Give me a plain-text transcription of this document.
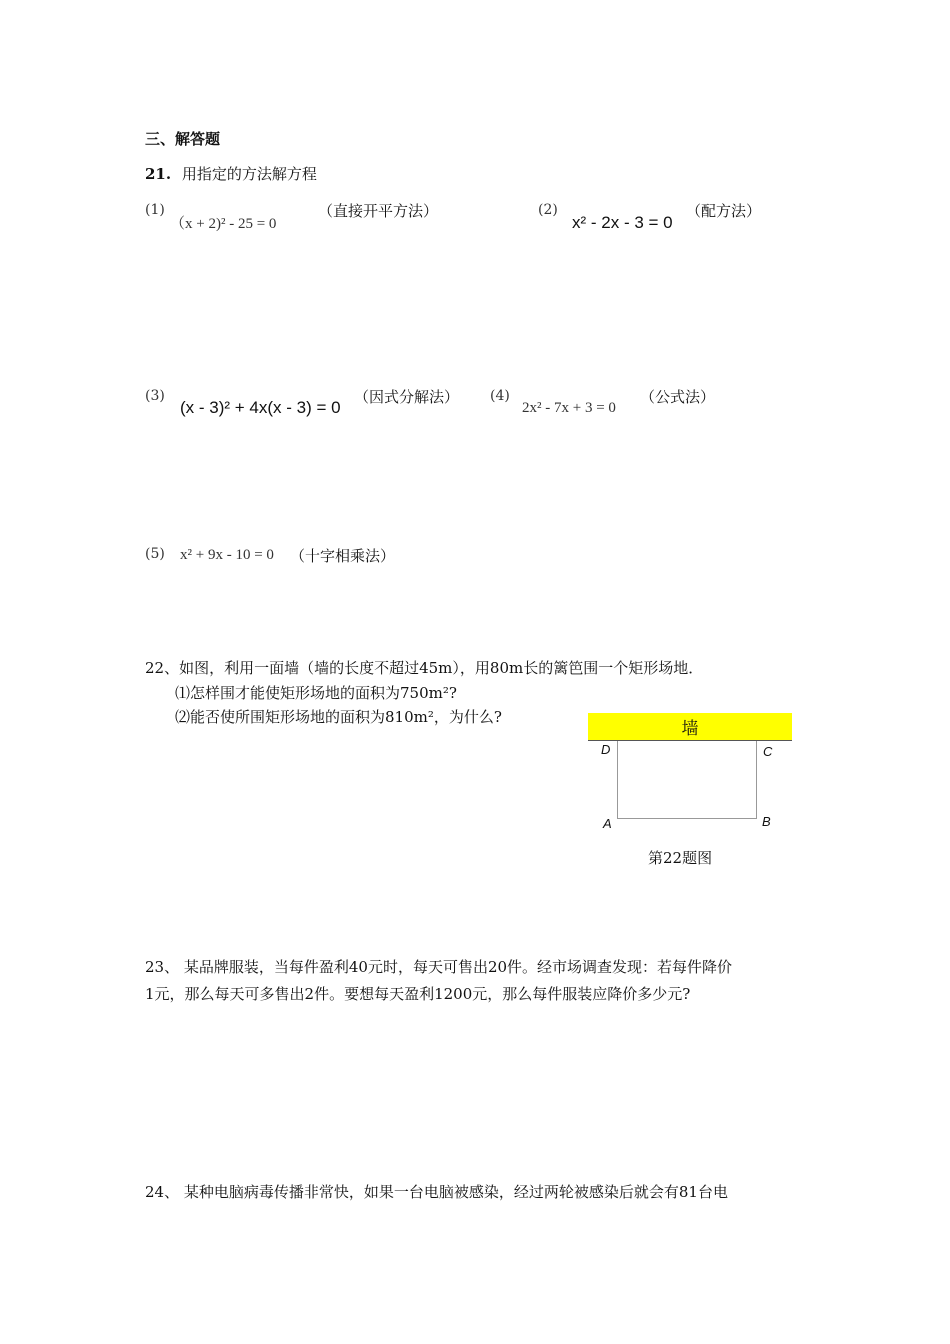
三、解答题
21. 用指定的方法解方程
(1)
（x + 2)² - 25 = 0
（直接开平方法）	(2)
x² - 2x - 3 = 0
（配方法）
(3)
(x - 3)² + 4x(x - 3) = 0
（因式分解法） (4)
2x² - 7x + 3 = 0
（公式法）
(5) x² + 9x - 10 = 0 （十字相乘法）
22、如图，利用一面墙（墙的长度不超过45m），用80m长的篱笆围一个矩形场地．
⑴怎样围才能使矩形场地的面积为750m²?
⑵能否使所围矩形场地的面积为810m²，为什么?
墙
D	C
A	B
第22题图
23、 某品牌服装，当每件盈利40元时，每天可售出20件。经市场调查发现：若每件降价
1元，那么每天可多售出2件。要想每天盈利1200元，那么每件服装应降价多少元?
24、 某种电脑病毒传播非常快，如果一台电脑被感染，经过两轮被感染后就会有81台电
